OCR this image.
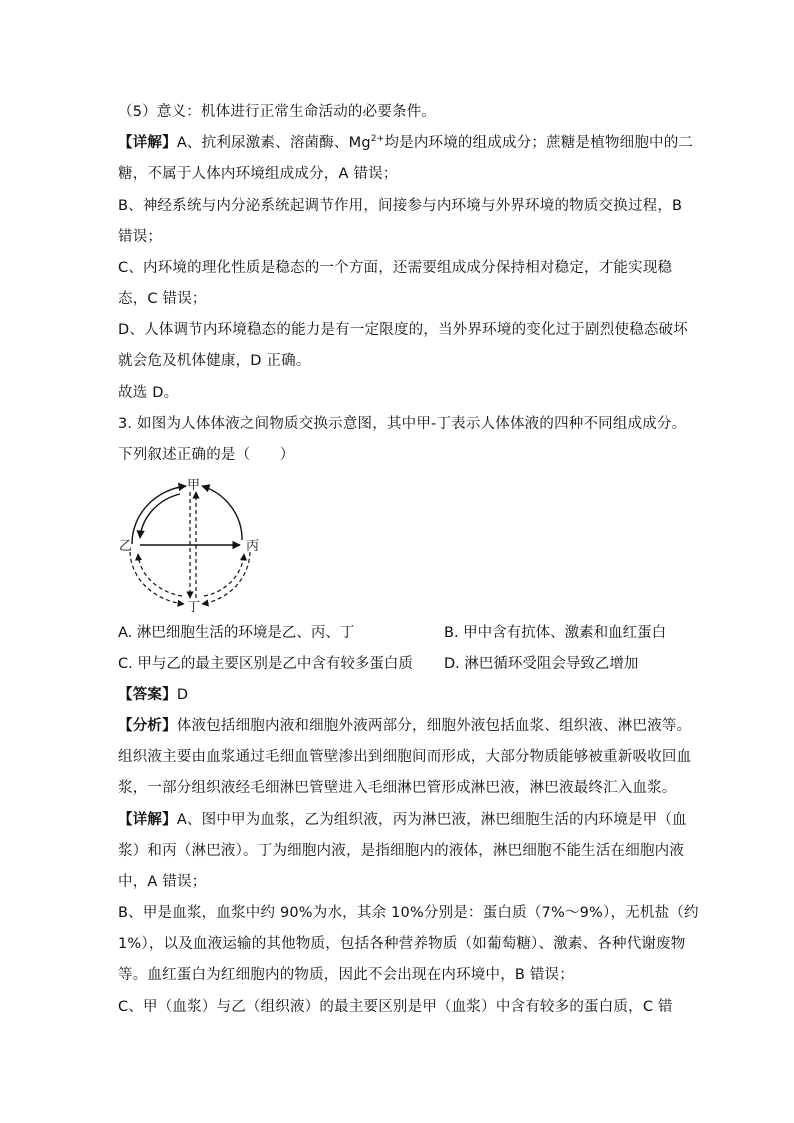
（5）意义：机体进行正常生命活动的必要条件。
【详解】A、抗利尿激素、溶菌酶、$Mg^{2+}$均是内环境的组成成分；蔗糖是植物细胞中的二
糖，不属于人体内环境组成成分，A 错误；
B、神经系统与内分泌系统起调节作用，间接参与内环境与外界环境的物质交换过程，B
错误；
C、内环境的理化性质是稳态的一个方面，还需要组成成分保持相对稳定，才能实现稳
态，C 错误；
D、人体调节内环境稳态的能力是有一定限度的，当外界环境的变化过于剧烈使稳态破坏
就会危及机体健康，D 正确。
故选 D。
3. 如图为人体体液之间物质交换示意图，其中甲-丁表示人体体液的四种不同组成成分。
下列叙述正确的是（　　）
甲
乙	丙
丁
A. 淋巴细胞生活的环境是乙、丙、丁	B. 甲中含有抗体、激素和血红蛋白
C. 甲与乙的最主要区别是乙中含有较多蛋白质 D. 淋巴循环受阻会导致乙增加
【答案】D
【分析】体液包括细胞内液和细胞外液两部分，细胞外液包括血浆、组织液、淋巴液等。
组织液主要由血浆通过毛细血管壁渗出到细胞间而形成，大部分物质能够被重新吸收回血
浆，一部分组织液经毛细淋巴管壁进入毛细淋巴管形成淋巴液，淋巴液最终汇入血浆。
【详解】A、图中甲为血浆，乙为组织液，丙为淋巴液，淋巴细胞生活的内环境是甲（血
浆）和丙（淋巴液）。丁为细胞内液，是指细胞内的液体，淋巴细胞不能生活在细胞内液
中，A 错误；
B、甲是血浆，血浆中约 90%为水，其余 10%分别是：蛋白质（7%～9%），无机盐（约
1%），以及血液运输的其他物质，包括各种营养物质（如葡萄糖）、激素、各种代谢废物
等。血红蛋白为红细胞内的物质，因此不会出现在内环境中，B 错误；
C、甲（血浆）与乙（组织液）的最主要区别是甲（血浆）中含有较多的蛋白质，C 错
